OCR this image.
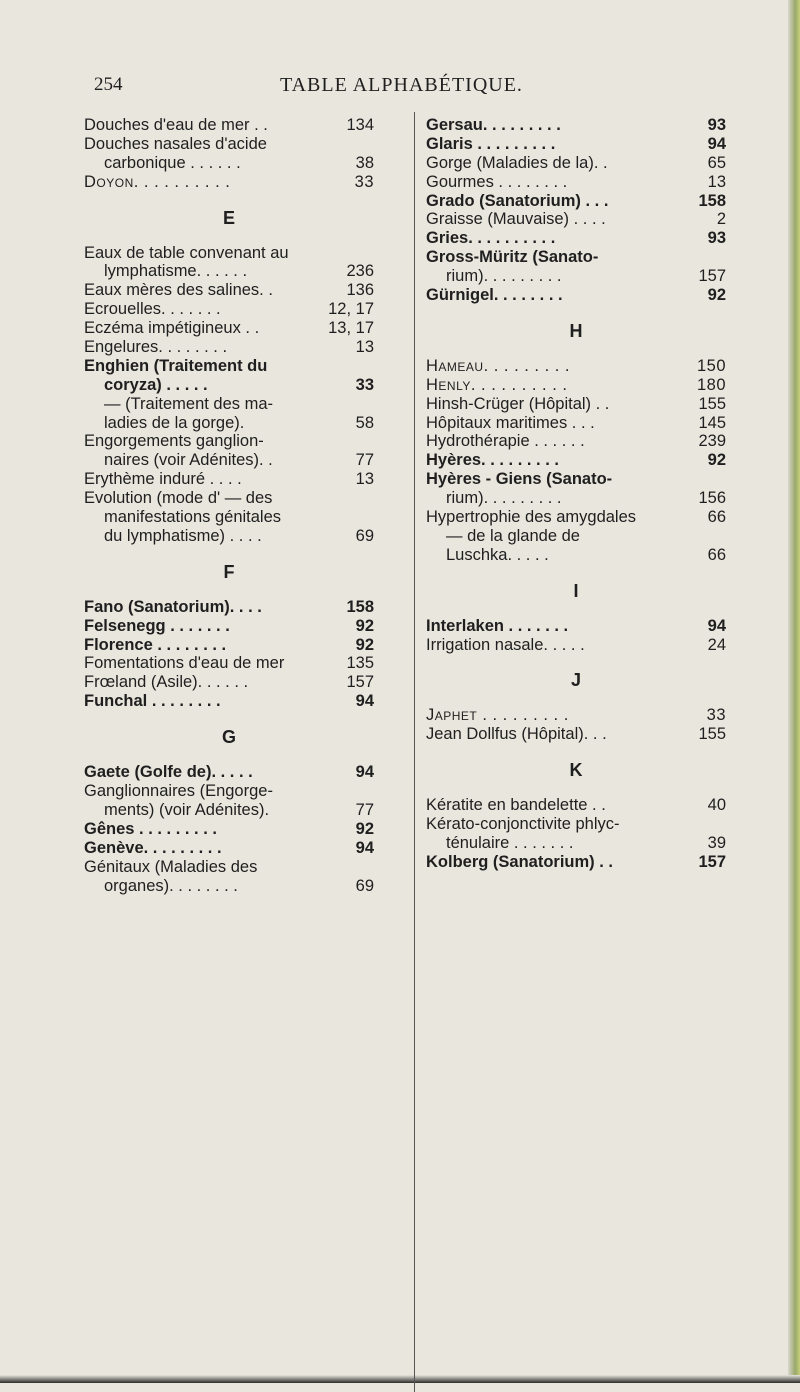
254	TABLE ALPHABÉTIQUE.
Douches d'eau de mer . .	134
Douches nasales d'acide
carbonique . . . . . .	38
Doyon. . . . . . . . . .	33
E
Eaux de table convenant au
lymphatisme. . . . . .	236
Eaux mères des salines. .	136
Ecrouelles. . . . . . .	12, 17
Eczéma impétigineux . .	13, 17
Engelures. . . . . . . .	13
Enghien (Traitement du
coryza) . . . . .	33
— (Traitement des ma-
ladies de la gorge).	58
Engorgements ganglion-
naires (voir Adénites). .	77
Erythème induré . . . .	13
Evolution (mode d' — des
manifestations génitales
du lymphatisme) . . . .	69
F
Fano (Sanatorium). . . .	158
Felsenegg . . . . . . .	92
Florence . . . . . . . .	92
Fomentations d'eau de mer	135
Frœland (Asile). . . . . .	157
Funchal . . . . . . . .	94
G
Gaete (Golfe de). . . . .	94
Ganglionnaires (Engorge-
ments) (voir Adénites).	77
Gênes . . . . . . . . .	92
Genève. . . . . . . . .	94
Génitaux (Maladies des
organes). . . . . . . .	69
Gersau. . . . . . . . .	93
Glaris . . . . . . . . .	94
Gorge (Maladies de la). .	65
Gourmes . . . . . . . .	13
Grado (Sanatorium) . . .	158
Graisse (Mauvaise) . . . .	2
Gries. . . . . . . . . .	93
Gross-Müritz (Sanato-
rium). . . . . . . . .	157
Gürnigel. . . . . . . .	92
H
Hameau. . . . . . . . .	150
Henly. . . . . . . . . .	180
Hinsh-Crüger (Hôpital) . .	155
Hôpitaux maritimes . . .	145
Hydrothérapie . . . . . .	239
Hyères. . . . . . . . .	92
Hyères - Giens (Sanato-
rium). . . . . . . . .	156
Hypertrophie des amygdales	66
— de la glande de
Luschka. . . . .	66
I
Interlaken . . . . . . .	94
Irrigation nasale. . . . .	24
J
Japhet . . . . . . . . .	33
Jean Dollfus (Hôpital). . .	155
K
Kératite en bandelette . .	40
Kérato-conjonctivite phlyc-
ténulaire . . . . . . .	39
Kolberg (Sanatorium) . .	157
